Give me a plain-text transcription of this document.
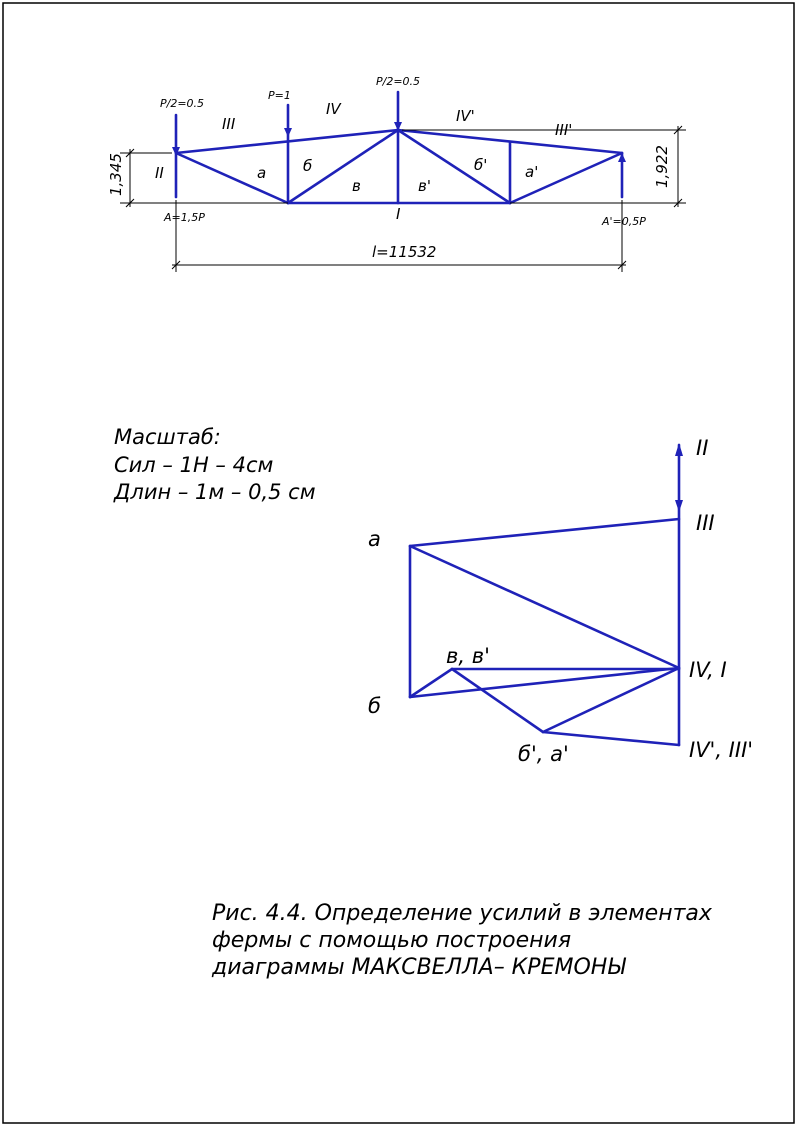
P/2=0.5
P=1
P/2=0.5
III
IV	IV'
III'
II	a б
в	в'
б'	a'
I
A=1,5P	A'=0,5P
1,345	1,922
l=11532
Масштаб:
Сил – 1Н – 4см
Длин – 1м – 0,5 см
II
III
a
в, в'
IV, I
б
б', a'	IV', III'
Рис. 4.4. Определение усилий в элементах
фермы с помощью построения
диаграммы МАКСВЕЛЛА– КРЕМОНЫ
